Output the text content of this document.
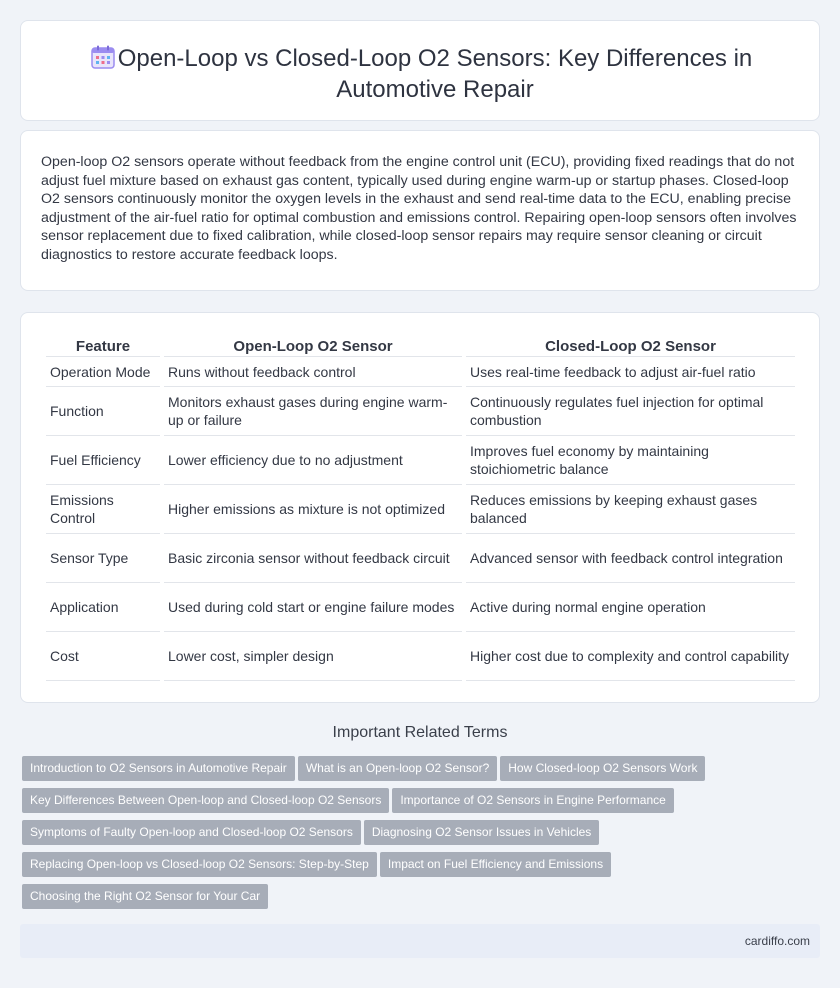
Open-Loop vs Closed-Loop O2 Sensors: Key Differences in Automotive Repair

Open-loop O2 sensors operate without feedback from the engine control unit (ECU), providing fixed readings that do not adjust fuel mixture based on exhaust gas content, typically used during engine warm-up or startup phases. Closed-loop O2 sensors continuously monitor the oxygen levels in the exhaust and send real-time data to the ECU, enabling precise adjustment of the air-fuel ratio for optimal combustion and emissions control. Repairing open-loop sensors often involves sensor replacement due to fixed calibration, while closed-loop sensor repairs may require sensor cleaning or circuit diagnostics to restore accurate feedback loops.

Feature	Open-Loop O2 Sensor	Closed-Loop O2 Sensor
Operation Mode	Runs without feedback control	Uses real-time feedback to adjust air-fuel ratio
Function	Monitors exhaust gases during engine warm-up or failure	Continuously regulates fuel injection for optimal combustion
Fuel Efficiency	Lower efficiency due to no adjustment	Improves fuel economy by maintaining stoichiometric balance
Emissions Control	Higher emissions as mixture is not optimized	Reduces emissions by keeping exhaust gases balanced
Sensor Type	Basic zirconia sensor without feedback circuit	Advanced sensor with feedback control integration
Application	Used during cold start or engine failure modes	Active during normal engine operation
Cost	Lower cost, simpler design	Higher cost due to complexity and control capability
Important Related Terms
Introduction to O2 Sensors in Automotive Repair What is an Open-loop O2 Sensor? How Closed-loop O2 Sensors Work
Key Differences Between Open-loop and Closed-loop O2 Sensors Importance of O2 Sensors in Engine Performance
Symptoms of Faulty Open-loop and Closed-loop O2 Sensors Diagnosing O2 Sensor Issues in Vehicles
Replacing Open-loop vs Closed-loop O2 Sensors: Step-by-Step Impact on Fuel Efficiency and Emissions
Choosing the Right O2 Sensor for Your Car
cardiffo.com
